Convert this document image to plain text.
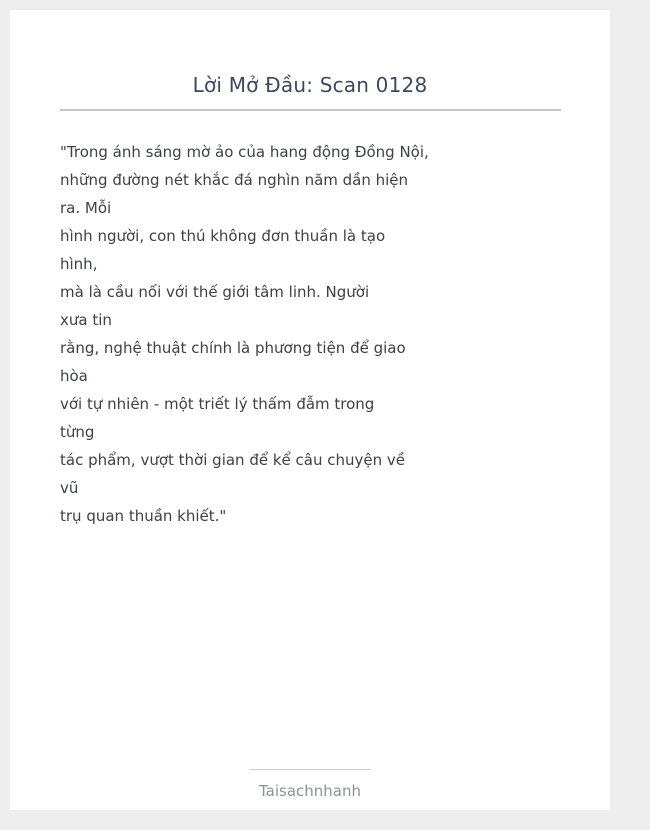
Lời Mở Đầu: Scan 0128
"Trong ánh sáng mờ ảo của hang động Đồng Nội,
những đường nét khắc đá nghìn năm dần hiện
ra. Mỗi
hình người, con thú không đơn thuần là tạo
hình,
mà là cầu nối với thế giới tâm linh. Người
xưa tin
rằng, nghệ thuật chính là phương tiện để giao
hòa
với tự nhiên - một triết lý thấm đẫm trong
từng
tác phẩm, vượt thời gian để kể câu chuyện về
vũ
trụ quan thuần khiết."
Taisachnhanh
